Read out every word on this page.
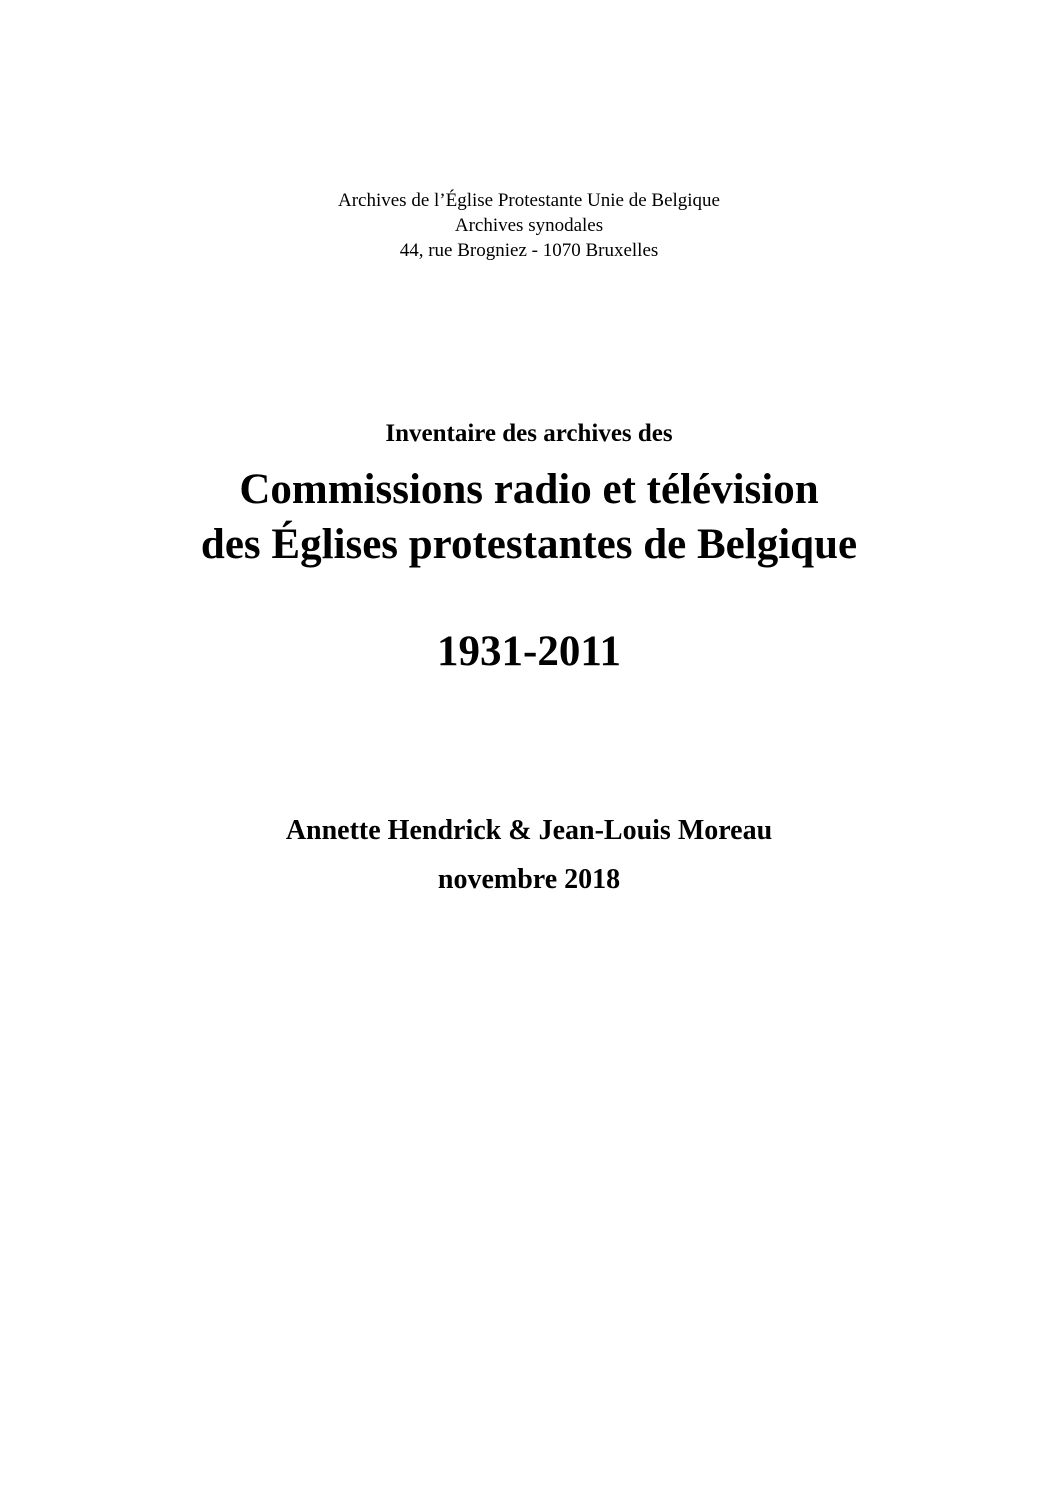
Archives de l’Église Protestante Unie de Belgique
Archives synodales
44, rue Brogniez - 1070 Bruxelles
Inventaire des archives des
Commissions radio et télévision
des Églises protestantes de Belgique
1931-2011
Annette Hendrick & Jean-Louis Moreau
novembre 2018
